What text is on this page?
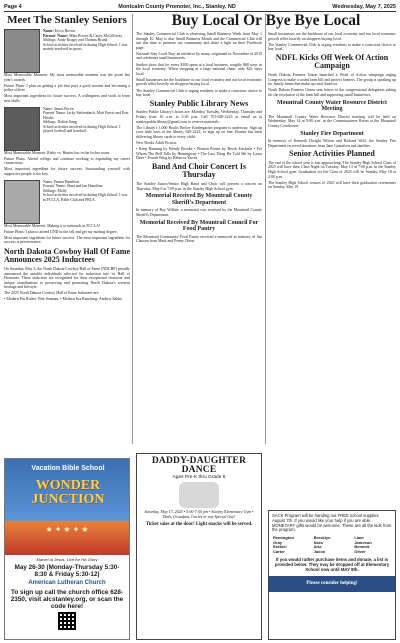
Page 4	Montcalm County Promoter, Inc., Stanley, ND	Wednesday, May 7, 2025
Meet The Stanley Seniors
Name: Eryco Brown
Parents' Name: Mike Brown & Casey McGillivray
Siblings: Andy Kruger and Thomas Brunk
School activities involved in during High School: I was mainly involved in sports.

Most Memorable Moment: My most memorable moment was the prom last year's awards.

Future Plans: I plan on getting a job that pays a good income and becoming a police officer.

Most important ingredient for future success: A willingness and work to learn new skills.

Name: James Purvis
Parents' Name: Jacky Stelzenbach, Matt Purvis and Erin Hawks
Siblings: Dalton Jiang
School activities involved in during High School: I played football and baseball.

Most Memorable Moment: Risky vs. Hunter has in the locker room.

Future Plans: Attend college and continue working to expanding my career connections.

Most important ingredient for future success: Surrounding yourself with supportive people is the key.

Name: Emma Hamilton
Parents' Name: Shari and Ian Hamilton
Siblings: Molly
School activities involved in during High School: I was in FCCLA, Bible Club and FBLA.

Most Memorable Moment: Making it to nationals in FCCLA!

Future Plans: I plan to attend UND in the fall and get my nursing degree.

Most important ingredient for future success: The most important ingredient for success is perseverance.

North Dakota Cowboy Hall Of Fame Announces 2025 Inductees

On Saturday, May 3, the North Dakota Cowboy Hall of Fame (NDCHF) proudly announced the notable individuals selected for induction into its Hall of Honorees. These inductees are recognized for their exceptional character and unique contributions to preserving and promoting North Dakota's western heritage and lifestyle.

The 2025 North Dakota Cowboy Hall of Fame Inductees are:

• Modern Era Rodeo: Pete Seaman. • Modern Era Ranching: Andrew Sakhe.

Buy Local Or Bye Bye Local

The Stanley Commercial Club is observing Small Business Week from May 1 through 10. May is also Small Business Month and the Commercial Club will use this time to promote our community and shine a light on their Facebook page.

National Stay Local Day, an initiative by many, originated in November of 2010 and celebrates small businesses.

Studies show that for every $100 spent at a local business, roughly $68 stays in the local economy. When shopping at a large national chain, only $43 stays local.

Small businesses are the backbone of our local economy and our local economic growth relies heavily on shoppers buying local.

The Stanley Commercial Club is urging residents to make a conscious choice to buy local.

Stanley Public Library News

Stanley Public Library's hours are: Monday, Tuesday, Wednesday, Thursday and Friday from 10 a.m. to 5:30 p.m. Call 701-628-2223 or email us at stanleypubliclibrary@gmail.com to reserve materials.

The Library's 1,000 Books Before Kindergarten program is underway. Sign up your little ones at the library, 628-2223, or sign up on line. Bonnie has been delivering library cards to every child.

New Books Adult Fiction:

• Keep Running by Wendy Brooke • Women Poems by Brock Erickson • For Whom The Bell Tolls by Hemingway • The Last Thing He Told Me by Laura Dave • Fourth Wing by Rebecca Yarros

Band And Choir Concert Is Thursday

The Stanley Junior/Senior High Band and Choir will present a concert on Thursday, May 8 at 7:00 p.m. in the Stanley High School gym.

Memorial Received By Mountrail County Sheriff's Department

In memory of Ray Wilhite, a memorial was received by the Mountrail County Sheriff's Department.

Memorial Received By Mountrail Council For Food Pantry

The Mountrail Community Food Pantry received a memorial in memory of Jim Clausen from Mark and Penny Olson.

Small businesses are the backbone of our local economy and our local economic growth relies heavily on shoppers buying local.

The Stanley Commercial Club is urging residents to make a conscious choice to buy local.

NDFL Kicks Off Week Of Action Campaign

North Dakota Farmers Union launched a Week of Action campaign urging Congress to make a sound farm bill and protect farmers. The group is speaking up for family farms that make up rural America.

North Dakota Farmers Union sent letters to the congressional delegation asking for the resolution of the farm bill and supporting small businesses.

Mountrail County Water Resource District Meeting

The Mountrail County Water Resource District meeting will be held on Wednesday, May 14 at 9:00 a.m. in the Commissioners Room at the Mountrail County Courthouse.

Stanley Fire Department

In memory of Kenneth Dwight Wilson and Richard Wolf, the Stanley Fire Department received donations from Jane Gustafson and families.

Senior Activities Planned

The end of the school year is fast approaching. The Stanley High School Class of 2025 will have their Class Night on Tuesday, May 13 at 7:00 p.m. in the Stanley High School gym. Graduation for the Class of 2025 will be Sunday, May 18 at 2:00 p.m.

The Stanley High School seniors of 2025 will have their graduation ceremonies on Sunday, May 18.

Vacation Bible School
WONDER JUNCTION
★ ✦ ★ ✦ ★
Marvel at Jesus. Live for His Glory
May 26-30 (Monday-Thursday 5:30-8:30 & Friday 5:30-12)
American Lutheran Church
To sign up call the church office 628-2350, visit alcstanley.org, or scan the code here!
DADDY-DAUGHTER DANCE
Ages Pre-K thru Grade 6
Saturday, May 17, 2025 • 5:00-7:00 pm • Stanley Elementary Gym • Dads, Grandpas, Uncles or any Special Guy!
Ticket sales at the door! Light snacks will be served.
SACK Program will be handing out FREE school supplies August 7th. If you would like your help if you are able. MONETARY gifts would be welcome. These are all the kids from the program.
Remington	Brecklyn	Liam
Gray	Nora	Jameson
Ezekiel	Aria	Bennett
Carter	Jaxon	Oliver
If you would rather purchase items and donate, a list is provided below. They may be dropped off at Elementary School now until MAY 8th.
Please consider helping!
